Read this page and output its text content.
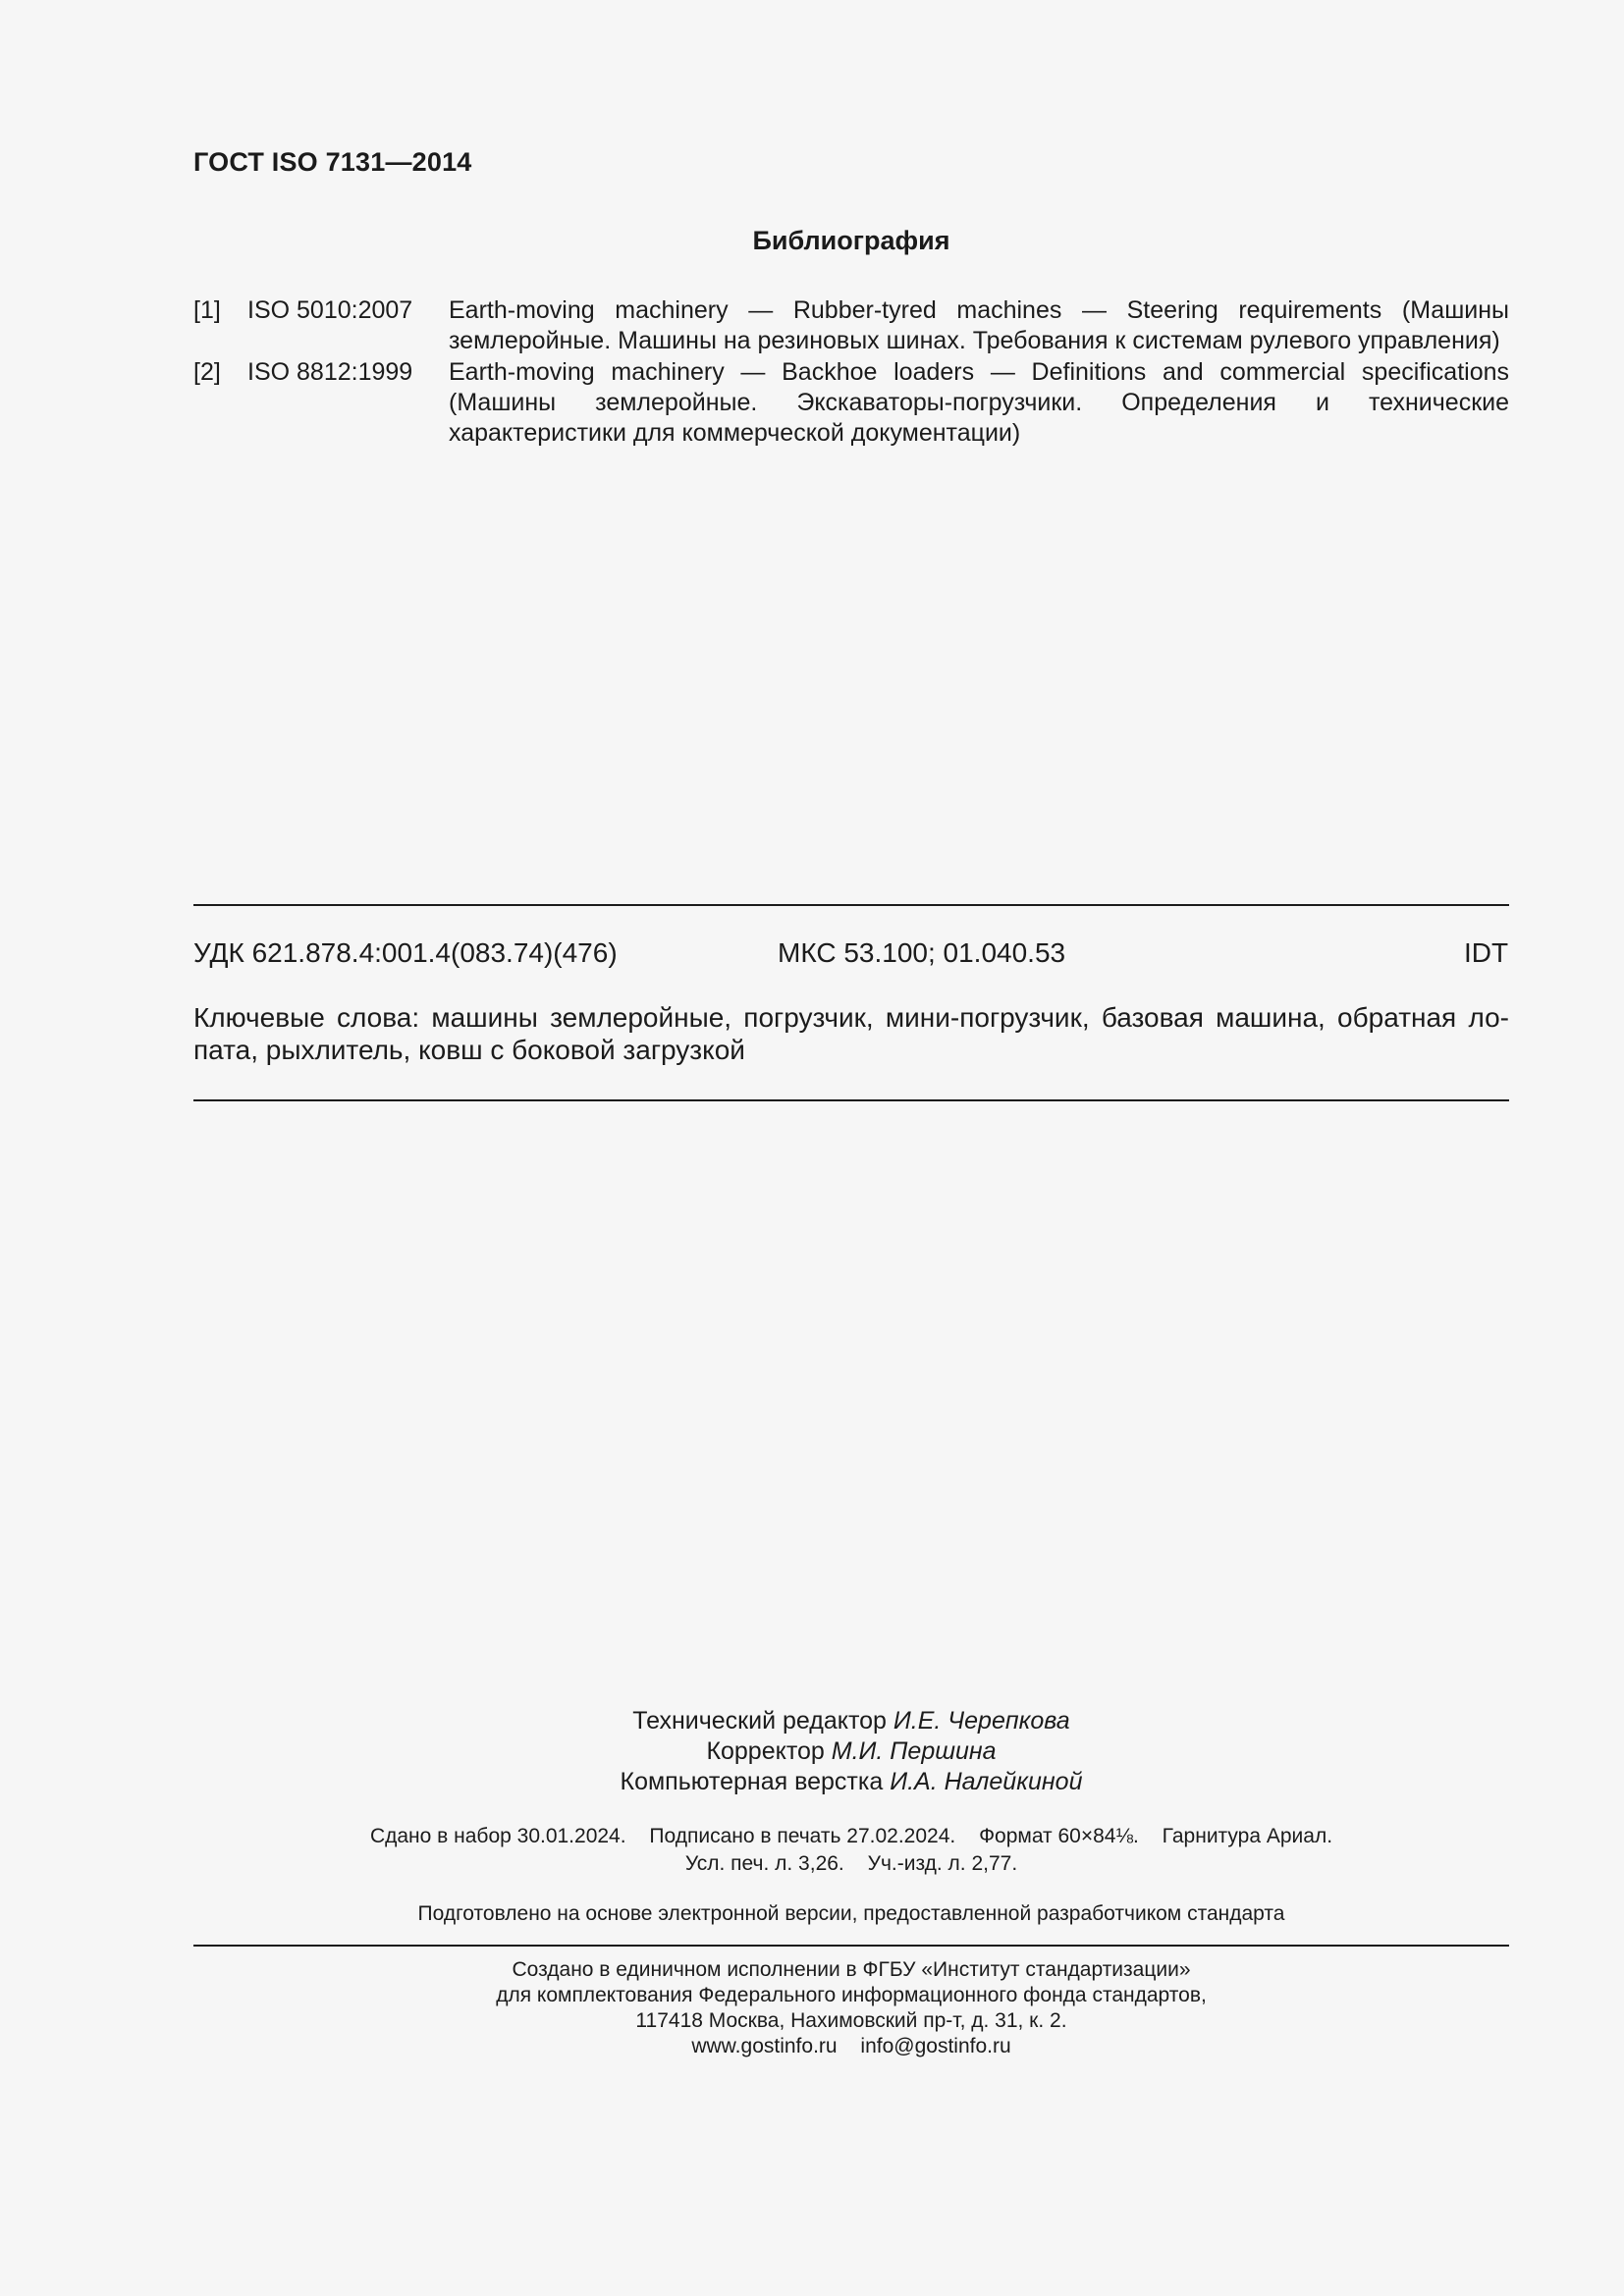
ГОСТ ISO 7131—2014
Библиография
[1] ISO 5010:2007 Earth-moving machinery — Rubber-tyred machines — Steering requirements (Машины землеройные. Машины на резиновых шинах. Требования к системам рулевого управления)
[2] ISO 8812:1999 Earth-moving machinery — Backhoe loaders — Definitions and commercial specifications (Машины землеройные. Экскаваторы-погрузчики. Определения и технические характеристики для коммерческой документации)
УДК 621.878.4:001.4(083.74)(476)	МКС 53.100; 01.040.53	IDT
Ключевые слова: машины землеройные, погрузчик, мини-погрузчик, базовая машина, обратная лопата, рыхлитель, ковш с боковой загрузкой
Технический редактор И.Е. Черепкова
Корректор М.И. Першина
Компьютерная верстка И.А. Налейкиной
Сдано в набор 30.01.2024. Подписано в печать 27.02.2024. Формат 60×84⅛. Гарнитура Ариал.
Усл. печ. л. 3,26. Уч.-изд. л. 2,77.
Подготовлено на основе электронной версии, предоставленной разработчиком стандарта
Создано в единичном исполнении в ФГБУ «Институт стандартизации»
для комплектования Федерального информационного фонда стандартов,
117418 Москва, Нахимовский пр-т, д. 31, к. 2.
www.gostinfo.ru info@gostinfo.ru
